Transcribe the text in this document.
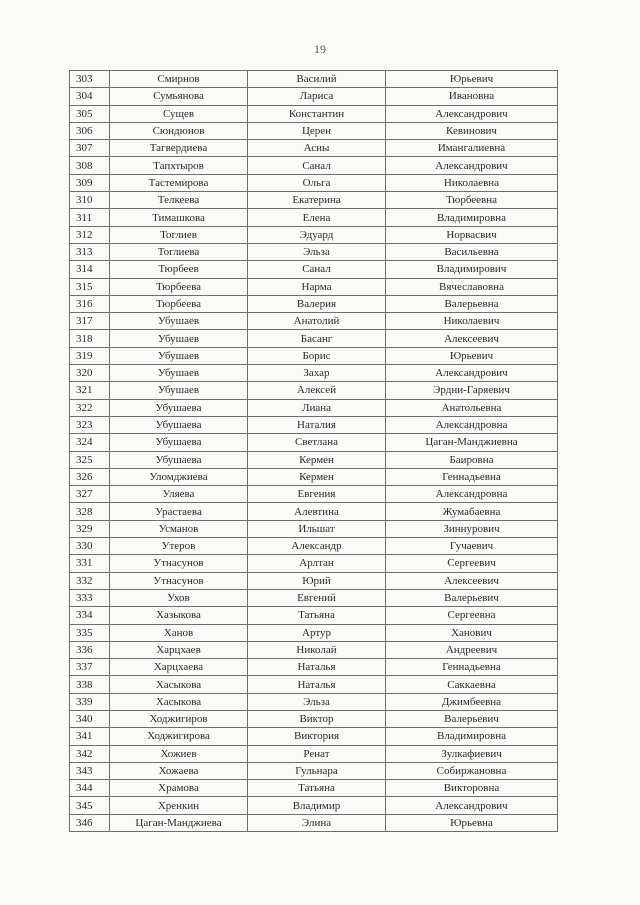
19
303	Смирнов	Василий	Юрьевич
304	Сумьянова	Лариса	Ивановна
305	Сущев	Константин	Александрович
306	Сюндюнов	Церен	Кевинович
307	Тагвердиева	Асиы	Имангалиевна
308	Тапхтыров	Санал	Александрович
309	Тастемирова	Ольга	Николаевна
310	Телкеева	Екатерина	Тюрбеевна
311	Тимашкова	Елена	Владимировна
312	Тоглиев	Эдуард	Норвасвич
313	Тоглиева	Эльза	Васильевна
314	Тюрбеев	Санал	Владимирович
315	Тюрбеева	Нарма	Вячеславовна
316	Тюрбеева	Валерия	Валерьевна
317	Убушаев	Анатолий	Николаевич
318	Убушаев	Басанг	Алексеевич
319	Убушаев	Борис	Юрьевич
320	Убушаев	Захар	Александрович
321	Убушаев	Алексей	Эрдни-Гаряевич
322	Убушаева	Лиана	Анатольевна
323	Убушаева	Наталия	Александровна
324	Убушаева	Светлана	Цаган-Манджиевна
325	Убушаева	Кермен	Баировна
326	Уломджиева	Кермен	Геннадьевна
327	Уляева	Евгения	Александровна
328	Урастаева	Алевтина	Жумабаевна
329	Усманов	Ильшат	Зиннурович
330	Утеров	Александр	Гучаевич
331	Утнасунов	Арлтан	Сергеевич
332	Утнасунов	Юрий	Алексеевич
333	Ухов	Евгений	Валерьевич
334	Хазыкова	Татьяна	Сергеевна
335	Ханов	Артур	Ханович
336	Харцхаев	Николай	Андреевич
337	Харцхаева	Наталья	Геннадьевна
338	Хасыкова	Наталья	Саккаевна
339	Хасыкова	Эльза	Джимбеевна
340	Ходжигиров	Виктор	Валерьевич
341	Ходжигирова	Виктория	Владимировна
342	Хожиев	Ренат	Зулкафиевич
343	Хожаева	Гульнара	Собиржановна
344	Храмова	Татьяна	Викторовна
345	Хренкин	Владимир	Александрович
346	Цаган-Манджиева	Элина	Юрьевна
